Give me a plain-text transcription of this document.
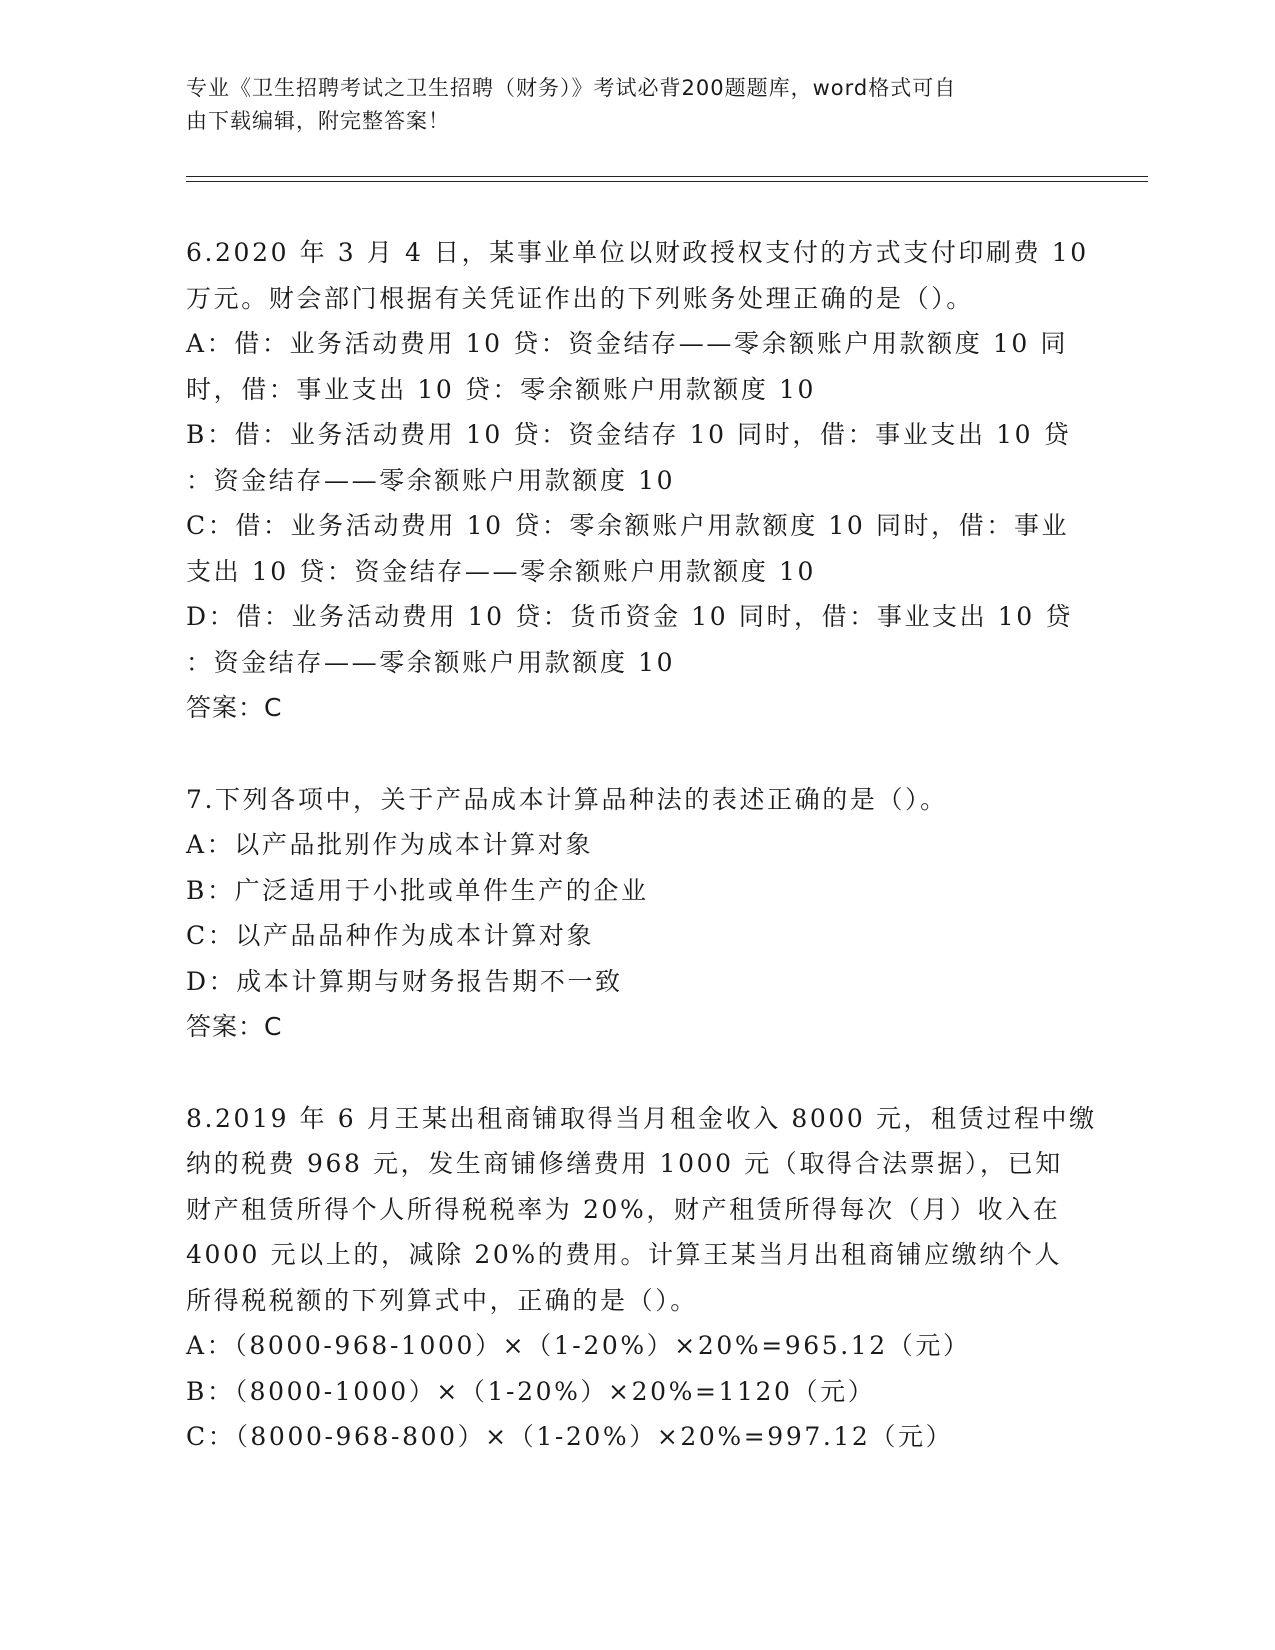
专业《卫生招聘考试之卫生招聘（财务）》考试必背200题题库，word格式可自
由下载编辑，附完整答案！
6.2020 年 3 月 4 日，某事业单位以财政授权支付的方式支付印刷费 10
万元。财会部门根据有关凭证作出的下列账务处理正确的是（）。
A：借：业务活动费用 10 贷：资金结存——零余额账户用款额度 10 同
时，借：事业支出 10 贷：零余额账户用款额度 10
B：借：业务活动费用 10 贷：资金结存 10 同时，借：事业支出 10 贷
：资金结存——零余额账户用款额度 10
C：借：业务活动费用 10 贷：零余额账户用款额度 10 同时，借：事业
支出 10 贷：资金结存——零余额账户用款额度 10
D：借：业务活动费用 10 贷：货币资金 10 同时，借：事业支出 10 贷
：资金结存——零余额账户用款额度 10
答案：C
7.下列各项中，关于产品成本计算品种法的表述正确的是（）。
A：以产品批别作为成本计算对象
B：广泛适用于小批或单件生产的企业
C：以产品品种作为成本计算对象
D：成本计算期与财务报告期不一致
答案：C
8.2019 年 6 月王某出租商铺取得当月租金收入 8000 元，租赁过程中缴
纳的税费 968 元，发生商铺修缮费用 1000 元（取得合法票据），已知
财产租赁所得个人所得税税率为 20%，财产租赁所得每次（月）收入在
4000 元以上的，减除 20%的费用。计算王某当月出租商铺应缴纳个人
所得税税额的下列算式中，正确的是（）。
A：（8000-968-1000）×（1-20%）×20%=965.12（元）
B：（8000-1000）×（1-20%）×20%=1120（元）
C：（8000-968-800）×（1-20%）×20%=997.12（元）
